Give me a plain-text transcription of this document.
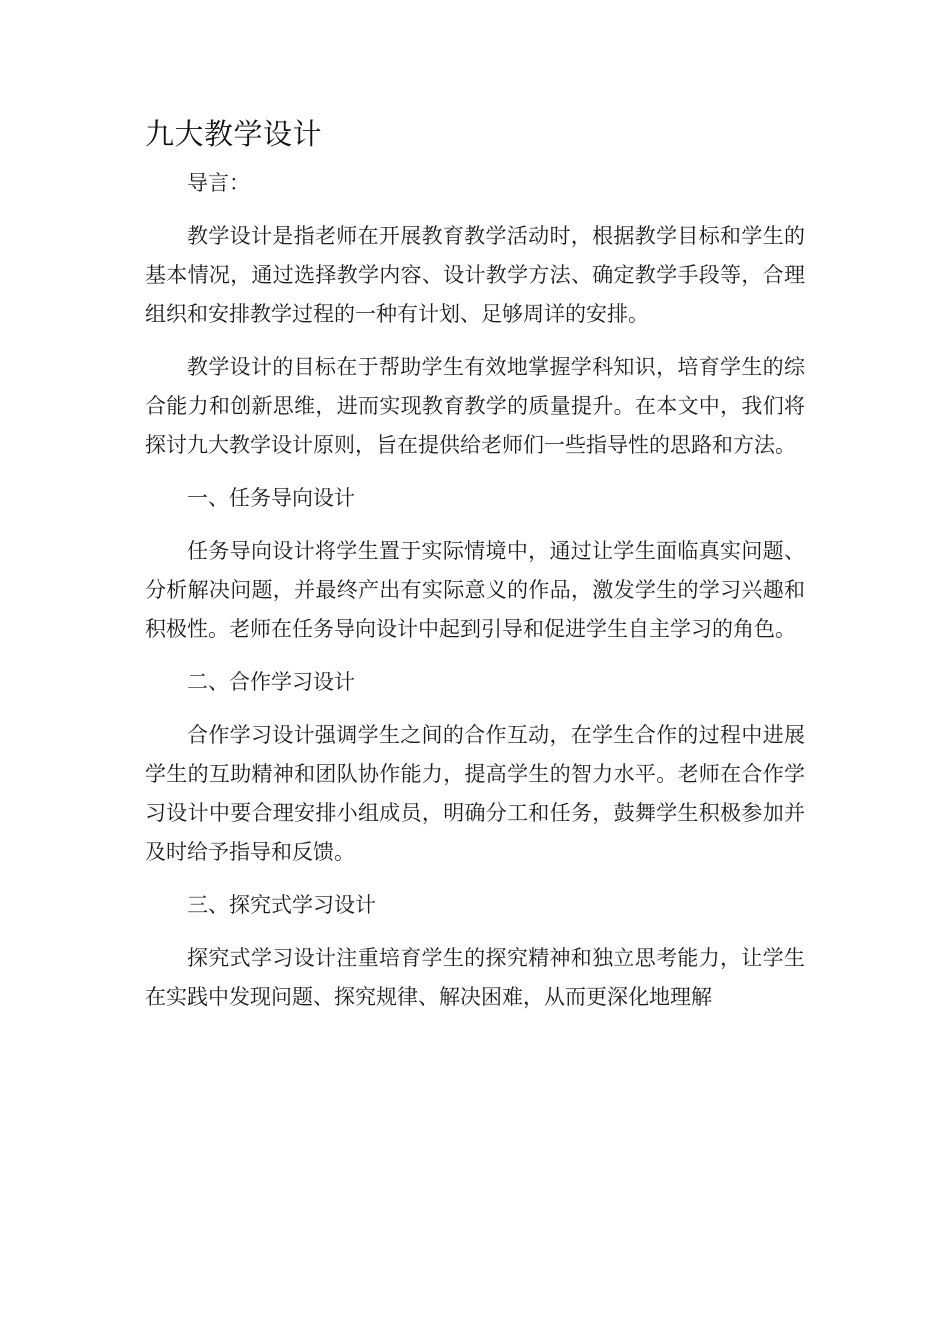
九大教学设计

导言：

教学设计是指老师在开展教育教学活动时，根据教学目标和学生的基本情况，通过选择教学内容、设计教学方法、确定教学手段等，合理组织和安排教学过程的一种有计划、足够周详的安排。

教学设计的目标在于帮助学生有效地掌握学科知识，培育学生的综合能力和创新思维，进而实现教育教学的质量提升。在本文中，我们将探讨九大教学设计原则，旨在提供给老师们一些指导性的思路和方法。

一、任务导向设计

任务导向设计将学生置于实际情境中，通过让学生面临真实问题、分析解决问题，并最终产出有实际意义的作品，激发学生的学习兴趣和积极性。老师在任务导向设计中起到引导和促进学生自主学习的角色。

二、合作学习设计

合作学习设计强调学生之间的合作互动，在学生合作的过程中进展学生的互助精神和团队协作能力，提高学生的智力水平。老师在合作学习设计中要合理安排小组成员，明确分工和任务，鼓舞学生积极参加并及时给予指导和反馈。

三、探究式学习设计

探究式学习设计注重培育学生的探究精神和独立思考能力，让学生在实践中发现问题、探究规律、解决困难，从而更深化地理解
